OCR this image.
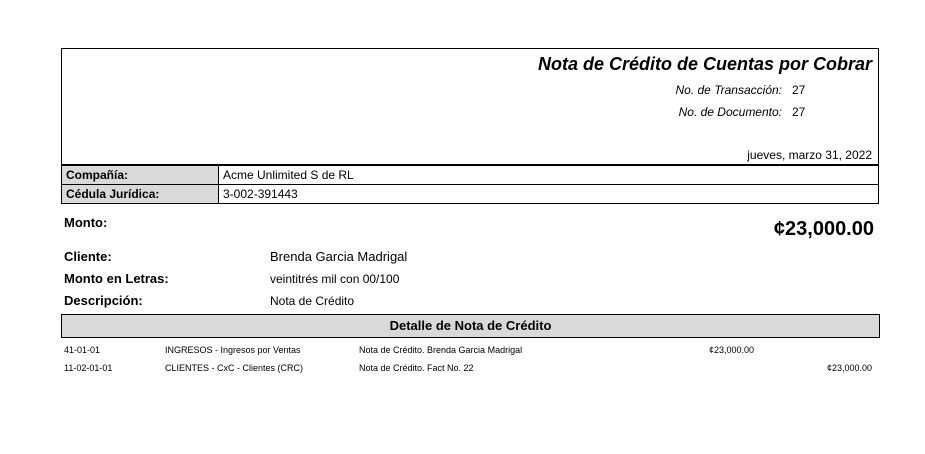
Nota de Crédito de Cuentas por Cobrar
No. de Transacción: 27
No. de Documento: 27
jueves, marzo 31, 2022
Compañía:	Acme Unlimited S de RL
Cédula Jurídica:	3-002-391443
Monto:	¢23,000.00
Cliente:	Brenda Garcia Madrigal
Monto en Letras:	veintitrés mil con 00/100
Descripción:	Nota de Crédito
Detalle de Nota de Crédito
41-01-01	INGRESOS - Ingresos por Ventas	Nota de Crédito. Brenda Garcia Madrigal	¢23,000.00
11-02-01-01	CLIENTES - CxC - Clientes (CRC)	Nota de Crédito. Fact No. 22	¢23,000.00
